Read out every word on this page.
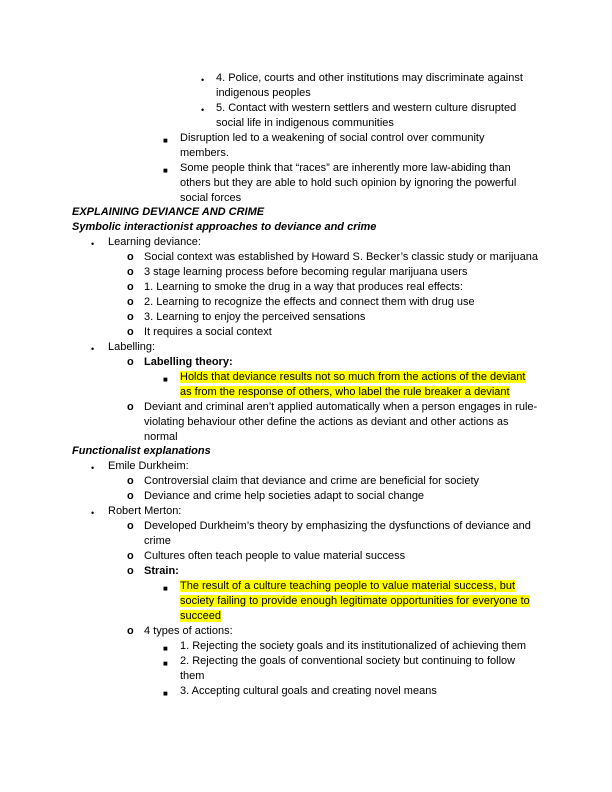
• 4. Police, courts and other institutions may discriminate against
indigenous peoples
• 5. Contact with western settlers and western culture disrupted
social life in indigenous communities
■ Disruption led to a weakening of social control over community
members.
■ Some people think that “races” are inherently more law-abiding than
others but they are able to hold such opinion by ignoring the powerful
social forces
EXPLAINING DEVIANCE AND CRIME
Symbolic interactionist approaches to deviance and crime
• Learning deviance:
o Social context was established by Howard S. Becker’s classic study or marijuana
o 3 stage learning process before becoming regular marijuana users
o 1. Learning to smoke the drug in a way that produces real effects:
o 2. Learning to recognize the effects and connect them with drug use
o 3. Learning to enjoy the perceived sensations
o It requires a social context
• Labelling:
o Labelling theory:
■ Holds that deviance results not so much from the actions of the deviant
as from the response of others, who label the rule breaker a deviant
o Deviant and criminal aren’t applied automatically when a person engages in rule-
violating behaviour other define the actions as deviant and other actions as
normal
Functionalist explanations
• Emile Durkheim:
o Controversial claim that deviance and crime are beneficial for society
o Deviance and crime help societies adapt to social change
• Robert Merton:
o Developed Durkheim’s theory by emphasizing the dysfunctions of deviance and
crime
o Cultures often teach people to value material success
o Strain:
■ The result of a culture teaching people to value material success, but
society failing to provide enough legitimate opportunities for everyone to
succeed
o 4 types of actions:
■ 1. Rejecting the society goals and its institutionalized of achieving them
■ 2. Rejecting the goals of conventional society but continuing to follow
them
■ 3. Accepting cultural goals and creating novel means
